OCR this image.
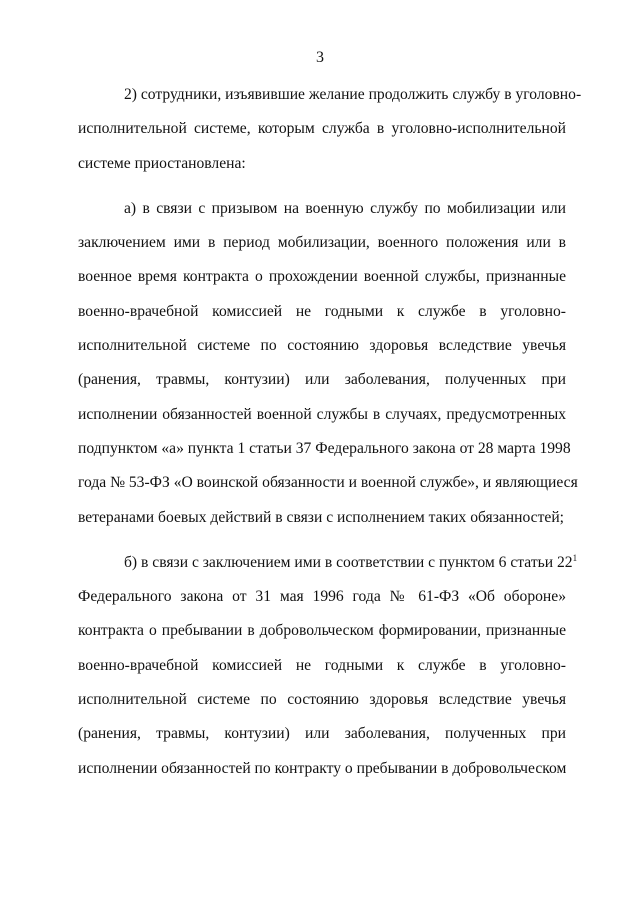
3
2) сотрудники, изъявившие желание продолжить службу в уголовно-
исполнительной системе, которым служба в уголовно-исполнительной
системе приостановлена:
а) в связи с призывом на военную службу по мобилизации или
заключением ими в период мобилизации, военного положения или в
военное время контракта о прохождении военной службы, признанные
военно-врачебной комиссией не годными к службе в уголовно-
исполнительной системе по состоянию здоровья вследствие увечья
(ранения, травмы, контузии) или заболевания, полученных при
исполнении обязанностей военной службы в случаях, предусмотренных
подпунктом «а» пункта 1 статьи 37 Федерального закона от 28 марта 1998
года № 53-ФЗ «О воинской обязанности и военной службе», и являющиеся
ветеранами боевых действий в связи с исполнением таких обязанностей;
б) в связи с заключением ими в соответствии с пунктом 6 статьи $22^1$
Федерального закона от 31 мая 1996 года № 61-ФЗ «Об обороне»
контракта о пребывании в добровольческом формировании, признанные
военно-врачебной комиссией не годными к службе в уголовно-
исполнительной системе по состоянию здоровья вследствие увечья
(ранения, травмы, контузии) или заболевания, полученных при
исполнении обязанностей по контракту о пребывании в добровольческом
